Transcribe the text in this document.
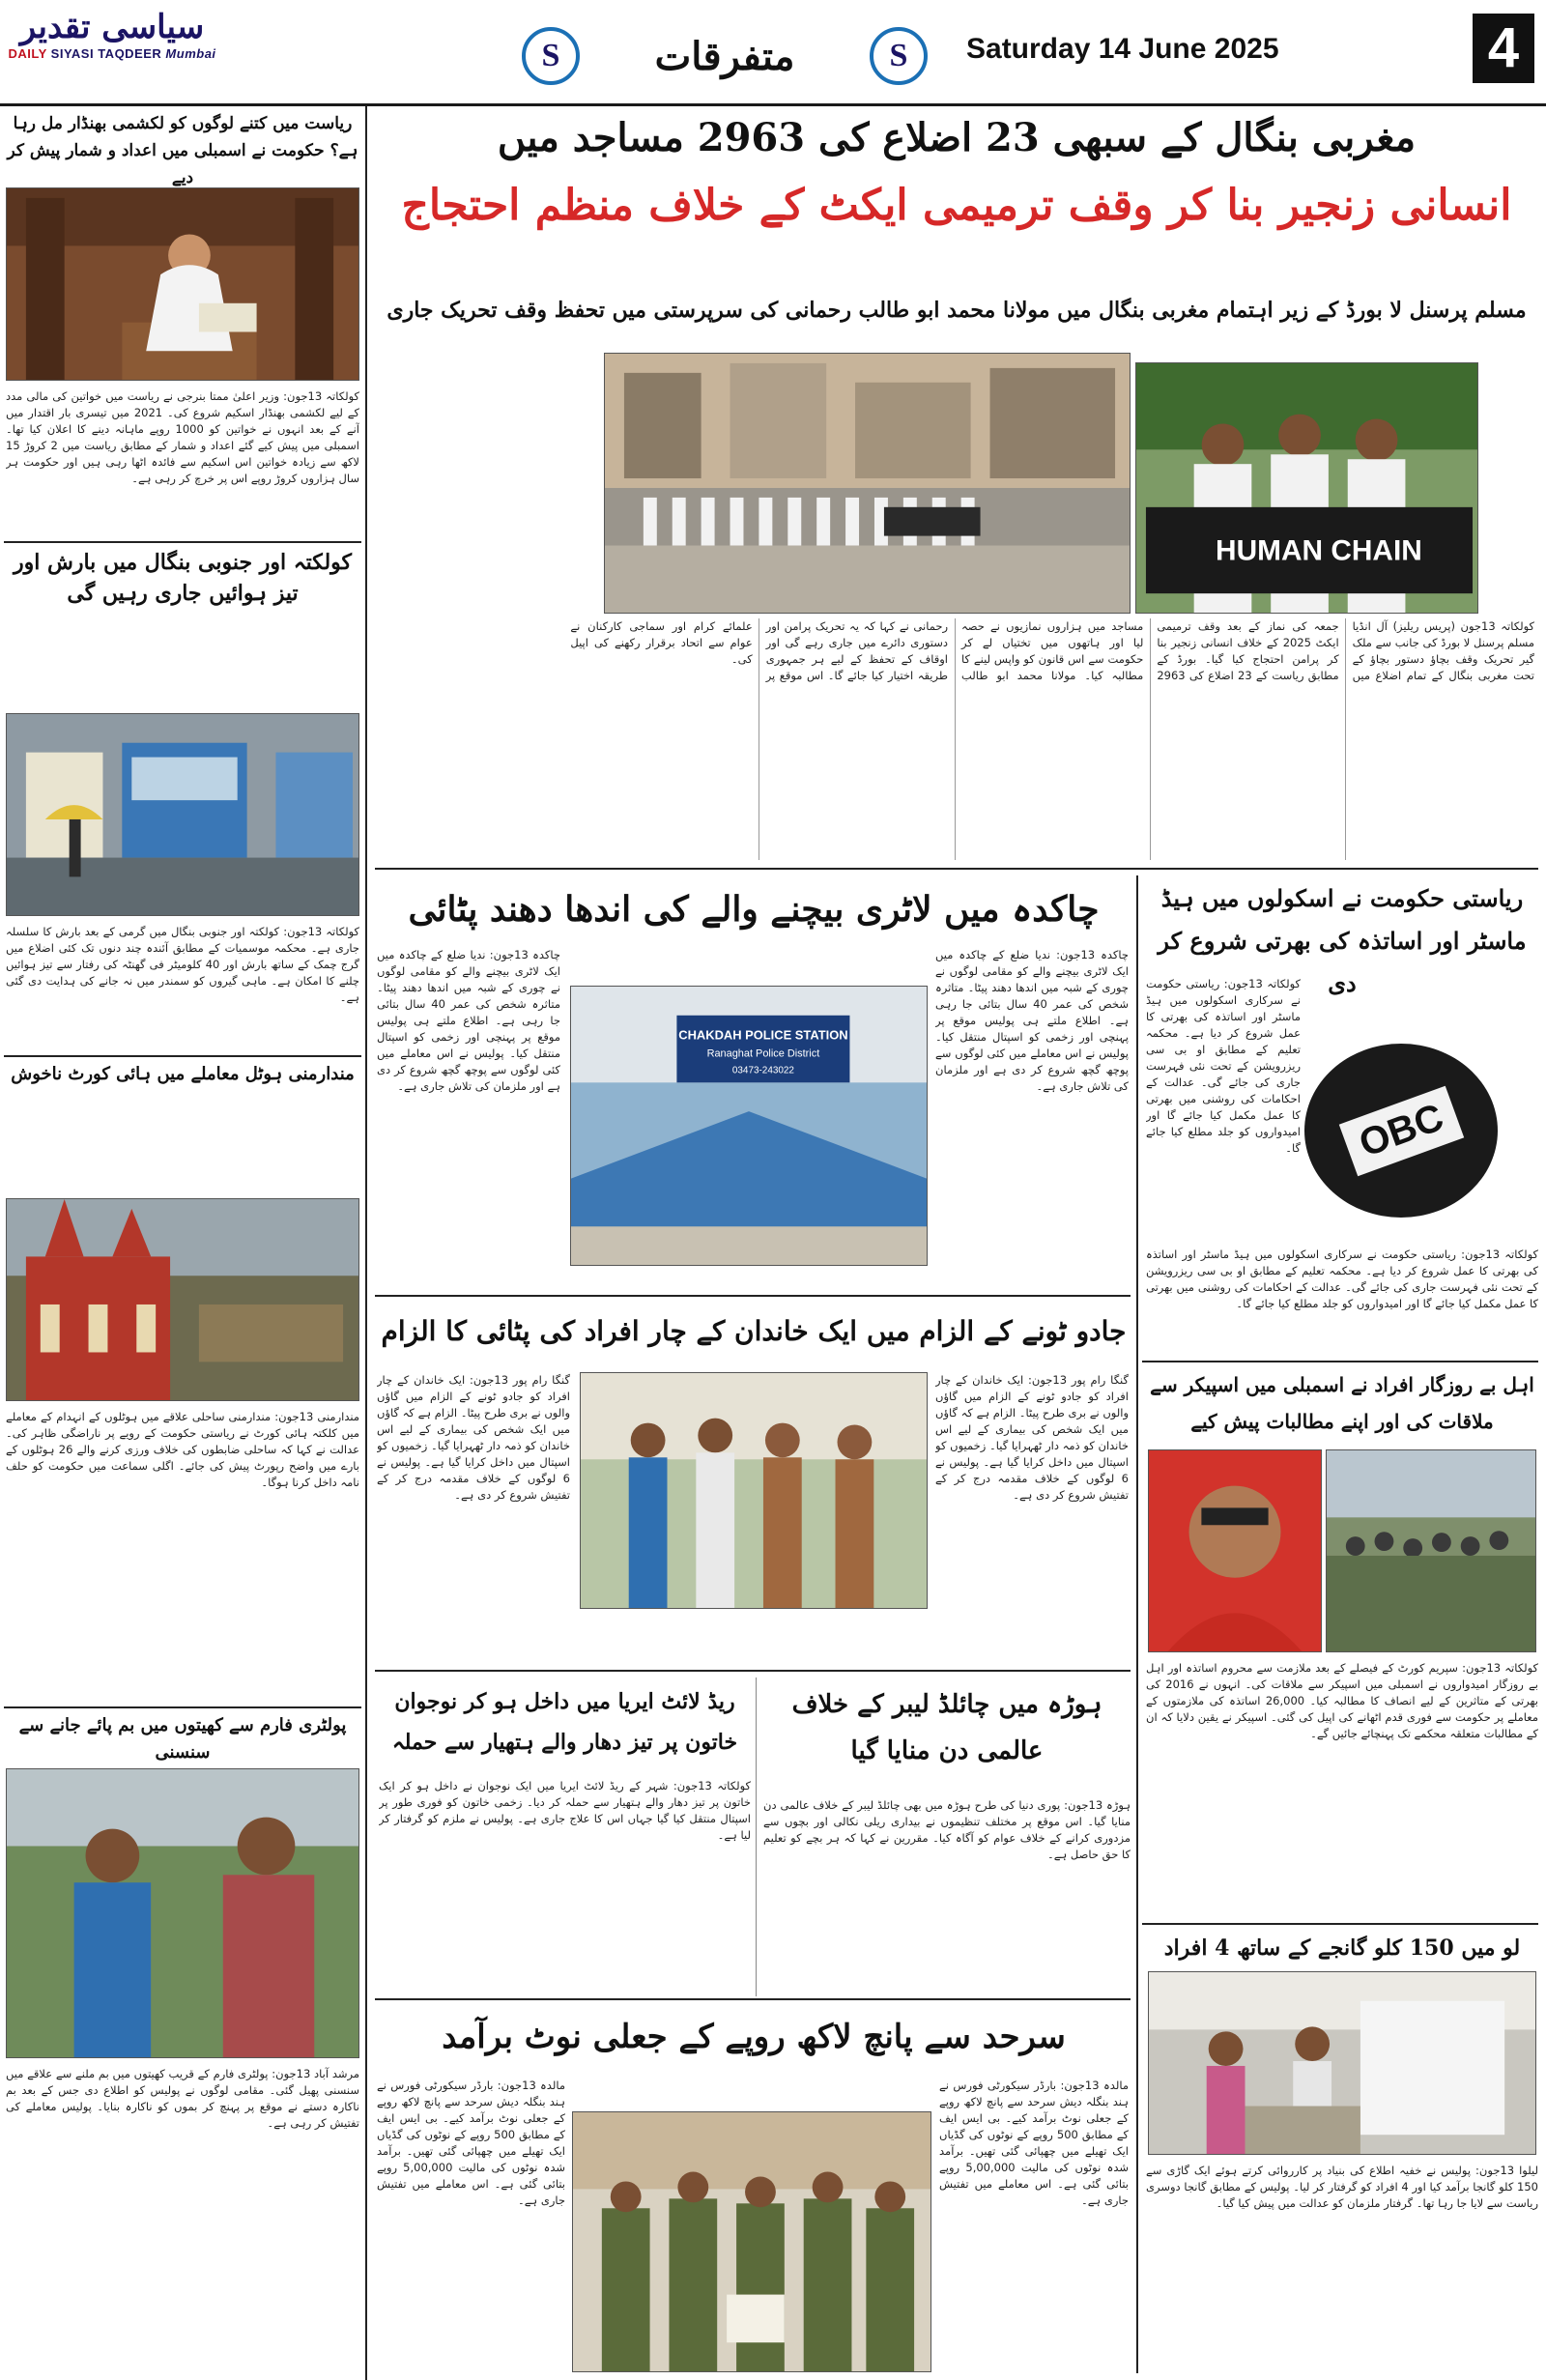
سیاسی تقدیر
DAILY SIYASI TAQDEER Mumbai	S	متفرقات	S	Saturday 14 June 2025	4
ریاست میں کتنے لوگوں کو لکشمی بھنڈار مل رہا ہے؟ حکومت نے اسمبلی میں اعداد و شمار پیش کر دیے
کولکاتہ 13جون: وزیر اعلیٰ ممتا بنرجی نے ریاست میں خواتین کی مالی مدد کے لیے لکشمی بھنڈار اسکیم شروع کی۔ 2021 میں تیسری بار اقتدار میں آنے کے بعد انہوں نے خواتین کو 1000 روپے ماہانہ دینے کا اعلان کیا تھا۔ اسمبلی میں پیش کیے گئے اعداد و شمار کے مطابق ریاست میں 2 کروڑ 15 لاکھ سے زیادہ خواتین اس اسکیم سے فائدہ اٹھا رہی ہیں اور حکومت ہر سال ہزاروں کروڑ روپے اس پر خرچ کر رہی ہے۔
کولکتہ اور جنوبی بنگال میں بارش اور تیز ہوائیں جاری رہیں گی
کولکاتہ 13جون: کولکتہ اور جنوبی بنگال میں گرمی کے بعد بارش کا سلسلہ جاری ہے۔ محکمہ موسمیات کے مطابق آئندہ چند دنوں تک کئی اضلاع میں گرج چمک کے ساتھ بارش اور 40 کلومیٹر فی گھنٹہ کی رفتار سے تیز ہوائیں چلنے کا امکان ہے۔ ماہی گیروں کو سمندر میں نہ جانے کی ہدایت دی گئی ہے۔
مندارمنی ہوٹل معاملے میں ہائی کورٹ ناخوش
مندارمنی 13جون: مندارمنی ساحلی علاقے میں ہوٹلوں کے انہدام کے معاملے میں کلکتہ ہائی کورٹ نے ریاستی حکومت کے رویے پر ناراضگی ظاہر کی۔ عدالت نے کہا کہ ساحلی ضابطوں کی خلاف ورزی کرنے والے 26 ہوٹلوں کے بارے میں واضح رپورٹ پیش کی جائے۔ اگلی سماعت میں حکومت کو حلف نامہ داخل کرنا ہوگا۔
پولٹری فارم سے کھیتوں میں بم پائے جانے سے سنسنی
مرشد آباد 13جون: پولٹری فارم کے قریب کھیتوں میں بم ملنے سے علاقے میں سنسنی پھیل گئی۔ مقامی لوگوں نے پولیس کو اطلاع دی جس کے بعد بم ناکارہ دستے نے موقع پر پہنچ کر بموں کو ناکارہ بنایا۔ پولیس معاملے کی تفتیش کر رہی ہے۔
مغربی بنگال کے سبھی 23 اضلاع کی 2963 مساجد میں
انسانی زنجیر بنا کر وقف ترمیمی ایکٹ کے خلاف منظم احتجاج
مسلم پرسنل لا بورڈ کے زیر اہتمام مغربی بنگال میں مولانا محمد ابو طالب رحمانی کی سرپرستی میں تحفظ وقف تحریک جاری
HUMAN CHAIN
کولکاتہ 13جون (پریس ریلیز) آل انڈیا مسلم پرسنل لا بورڈ کی جانب سے ملک گیر تحریک وقف بچاؤ دستور بچاؤ کے تحت مغربی بنگال کے تمام اضلاع میں جمعہ کی نماز کے بعد وقف ترمیمی ایکٹ 2025 کے خلاف انسانی زنجیر بنا کر پرامن احتجاج کیا گیا۔ بورڈ کے مطابق ریاست کے 23 اضلاع کی 2963 مساجد میں ہزاروں نمازیوں نے حصہ لیا اور ہاتھوں میں تختیاں لے کر حکومت سے اس قانون کو واپس لینے کا مطالبہ کیا۔ مولانا محمد ابو طالب رحمانی نے کہا کہ یہ تحریک پرامن اور دستوری دائرے میں جاری رہے گی اور اوقاف کے تحفظ کے لیے ہر جمہوری طریقہ اختیار کیا جائے گا۔ اس موقع پر علمائے کرام اور سماجی کارکنان نے عوام سے اتحاد برقرار رکھنے کی اپیل کی۔
چاکدہ میں لاٹری بیچنے والے کی اندھا دھند پٹائی
CHAKDAH POLICE STATION
Ranaghat Police District
03473-243022
چاکدہ 13جون: ندیا ضلع کے چاکدہ میں ایک لاٹری بیچنے والے کو مقامی لوگوں نے چوری کے شبہ میں اندھا دھند پیٹا۔ متاثرہ شخص کی عمر 40 سال بتائی جا رہی ہے۔ اطلاع ملتے ہی پولیس موقع پر پہنچی اور زخمی کو اسپتال منتقل کیا۔ پولیس نے اس معاملے میں کئی لوگوں سے پوچھ گچھ شروع کر دی ہے اور ملزمان کی تلاش جاری ہے۔
چاکدہ 13جون: ندیا ضلع کے چاکدہ میں ایک لاٹری بیچنے والے کو مقامی لوگوں نے چوری کے شبہ میں اندھا دھند پیٹا۔ متاثرہ شخص کی عمر 40 سال بتائی جا رہی ہے۔ اطلاع ملتے ہی پولیس موقع پر پہنچی اور زخمی کو اسپتال منتقل کیا۔ پولیس نے اس معاملے میں کئی لوگوں سے پوچھ گچھ شروع کر دی ہے اور ملزمان کی تلاش جاری ہے۔
جادو ٹونے کے الزام میں ایک خاندان کے چار افراد کی پٹائی کا الزام
گنگا رام پور 13جون: ایک خاندان کے چار افراد کو جادو ٹونے کے الزام میں گاؤں والوں نے بری طرح پیٹا۔ الزام ہے کہ گاؤں میں ایک شخص کی بیماری کے لیے اس خاندان کو ذمہ دار ٹھہرایا گیا۔ زخمیوں کو اسپتال میں داخل کرایا گیا ہے۔ پولیس نے 6 لوگوں کے خلاف مقدمہ درج کر کے تفتیش شروع کر دی ہے۔
گنگا رام پور 13جون: ایک خاندان کے چار افراد کو جادو ٹونے کے الزام میں گاؤں والوں نے بری طرح پیٹا۔ الزام ہے کہ گاؤں میں ایک شخص کی بیماری کے لیے اس خاندان کو ذمہ دار ٹھہرایا گیا۔ زخمیوں کو اسپتال میں داخل کرایا گیا ہے۔ پولیس نے 6 لوگوں کے خلاف مقدمہ درج کر کے تفتیش شروع کر دی ہے۔
ہوڑہ میں چائلڈ لیبر کے خلاف عالمی دن منایا گیا
ہوڑہ 13جون: پوری دنیا کی طرح ہوڑہ میں بھی چائلڈ لیبر کے خلاف عالمی دن منایا گیا۔ اس موقع پر مختلف تنظیموں نے بیداری ریلی نکالی اور بچوں سے مزدوری کرانے کے خلاف عوام کو آگاہ کیا۔ مقررین نے کہا کہ ہر بچے کو تعلیم کا حق حاصل ہے۔
ریڈ لائٹ ایریا میں داخل ہو کر نوجوان خاتون پر تیز دھار والے ہتھیار سے حملہ
کولکاتہ 13جون: شہر کے ریڈ لائٹ ایریا میں ایک نوجوان نے داخل ہو کر ایک خاتون پر تیز دھار والے ہتھیار سے حملہ کر دیا۔ زخمی خاتون کو فوری طور پر اسپتال منتقل کیا گیا جہاں اس کا علاج جاری ہے۔ پولیس نے ملزم کو گرفتار کر لیا ہے۔
سرحد سے پانچ لاکھ روپے کے جعلی نوٹ برآمد
مالدہ 13جون: بارڈر سیکورٹی فورس نے ہند بنگلہ دیش سرحد سے پانچ لاکھ روپے کے جعلی نوٹ برآمد کیے۔ بی ایس ایف کے مطابق 500 روپے کے نوٹوں کی گڈیاں ایک تھیلے میں چھپائی گئی تھیں۔ برآمد شدہ نوٹوں کی مالیت 5,00,000 روپے بتائی گئی ہے۔ اس معاملے میں تفتیش جاری ہے۔
مالدہ 13جون: بارڈر سیکورٹی فورس نے ہند بنگلہ دیش سرحد سے پانچ لاکھ روپے کے جعلی نوٹ برآمد کیے۔ بی ایس ایف کے مطابق 500 روپے کے نوٹوں کی گڈیاں ایک تھیلے میں چھپائی گئی تھیں۔ برآمد شدہ نوٹوں کی مالیت 5,00,000 روپے بتائی گئی ہے۔ اس معاملے میں تفتیش جاری ہے۔
ریاستی حکومت نے اسکولوں میں ہیڈ ماسٹر اور اساتذہ کی بھرتی شروع کر دی
OBC
کولکاتہ 13جون: ریاستی حکومت نے سرکاری اسکولوں میں ہیڈ ماسٹر اور اساتذہ کی بھرتی کا عمل شروع کر دیا ہے۔ محکمہ تعلیم کے مطابق او بی سی ریزرویشن کے تحت نئی فہرست جاری کی جائے گی۔ عدالت کے احکامات کی روشنی میں بھرتی کا عمل مکمل کیا جائے گا اور امیدواروں کو جلد مطلع کیا جائے گا۔
کولکاتہ 13جون: ریاستی حکومت نے سرکاری اسکولوں میں ہیڈ ماسٹر اور اساتذہ کی بھرتی کا عمل شروع کر دیا ہے۔ محکمہ تعلیم کے مطابق او بی سی ریزرویشن کے تحت نئی فہرست جاری کی جائے گی۔ عدالت کے احکامات کی روشنی میں بھرتی کا عمل مکمل کیا جائے گا اور امیدواروں کو جلد مطلع کیا جائے گا۔
اہل بے روزگار افراد نے اسمبلی میں اسپیکر سے ملاقات کی اور اپنے مطالبات پیش کیے
کولکاتہ 13جون: سپریم کورٹ کے فیصلے کے بعد ملازمت سے محروم اساتذہ اور اہل بے روزگار امیدواروں نے اسمبلی میں اسپیکر سے ملاقات کی۔ انہوں نے 2016 کی بھرتی کے متاثرین کے لیے انصاف کا مطالبہ کیا۔ 26,000 اساتذہ کی ملازمتوں کے معاملے پر حکومت سے فوری قدم اٹھانے کی اپیل کی گئی۔ اسپیکر نے یقین دلایا کہ ان کے مطالبات متعلقہ محکمے تک پہنچائے جائیں گے۔
لو میں 150 کلو گانجے کے ساتھ 4 افراد
لیلوا 13جون: پولیس نے خفیہ اطلاع کی بنیاد پر کارروائی کرتے ہوئے ایک گاڑی سے 150 کلو گانجا برآمد کیا اور 4 افراد کو گرفتار کر لیا۔ پولیس کے مطابق گانجا دوسری ریاست سے لایا جا رہا تھا۔ گرفتار ملزمان کو عدالت میں پیش کیا گیا۔
